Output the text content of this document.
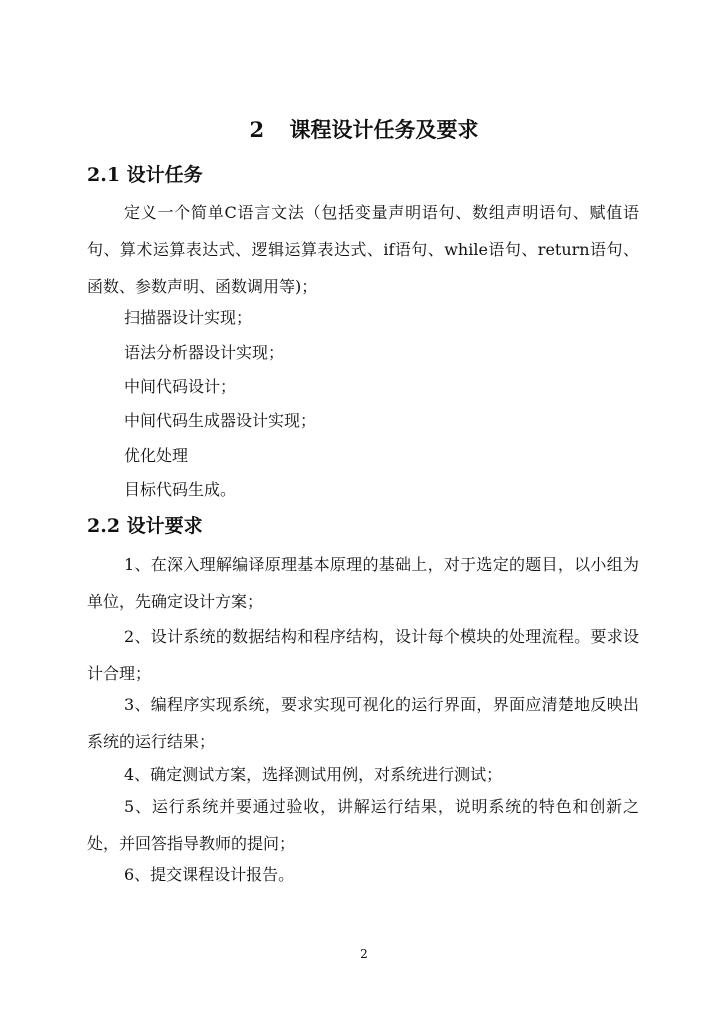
2 课程设计任务及要求
2.1 设计任务
定义一个简单C语言文法（包括变量声明语句、数组声明语句、赋值语句、算术运算表达式、逻辑运算表达式、if语句、while语句、return语句、函数、参数声明、函数调用等)；
扫描器设计实现；
语法分析器设计实现；
中间代码设计；
中间代码生成器设计实现；
优化处理
目标代码生成。
2.2 设计要求
1、在深入理解编译原理基本原理的基础上，对于选定的题目，以小组为单位，先确定设计方案；
2、设计系统的数据结构和程序结构，设计每个模块的处理流程。要求设计合理；
3、编程序实现系统，要求实现可视化的运行界面，界面应清楚地反映出系统的运行结果；
4、确定测试方案，选择测试用例，对系统进行测试；
5、运行系统并要通过验收，讲解运行结果，说明系统的特色和创新之处，并回答指导教师的提问；
6、提交课程设计报告。
2
